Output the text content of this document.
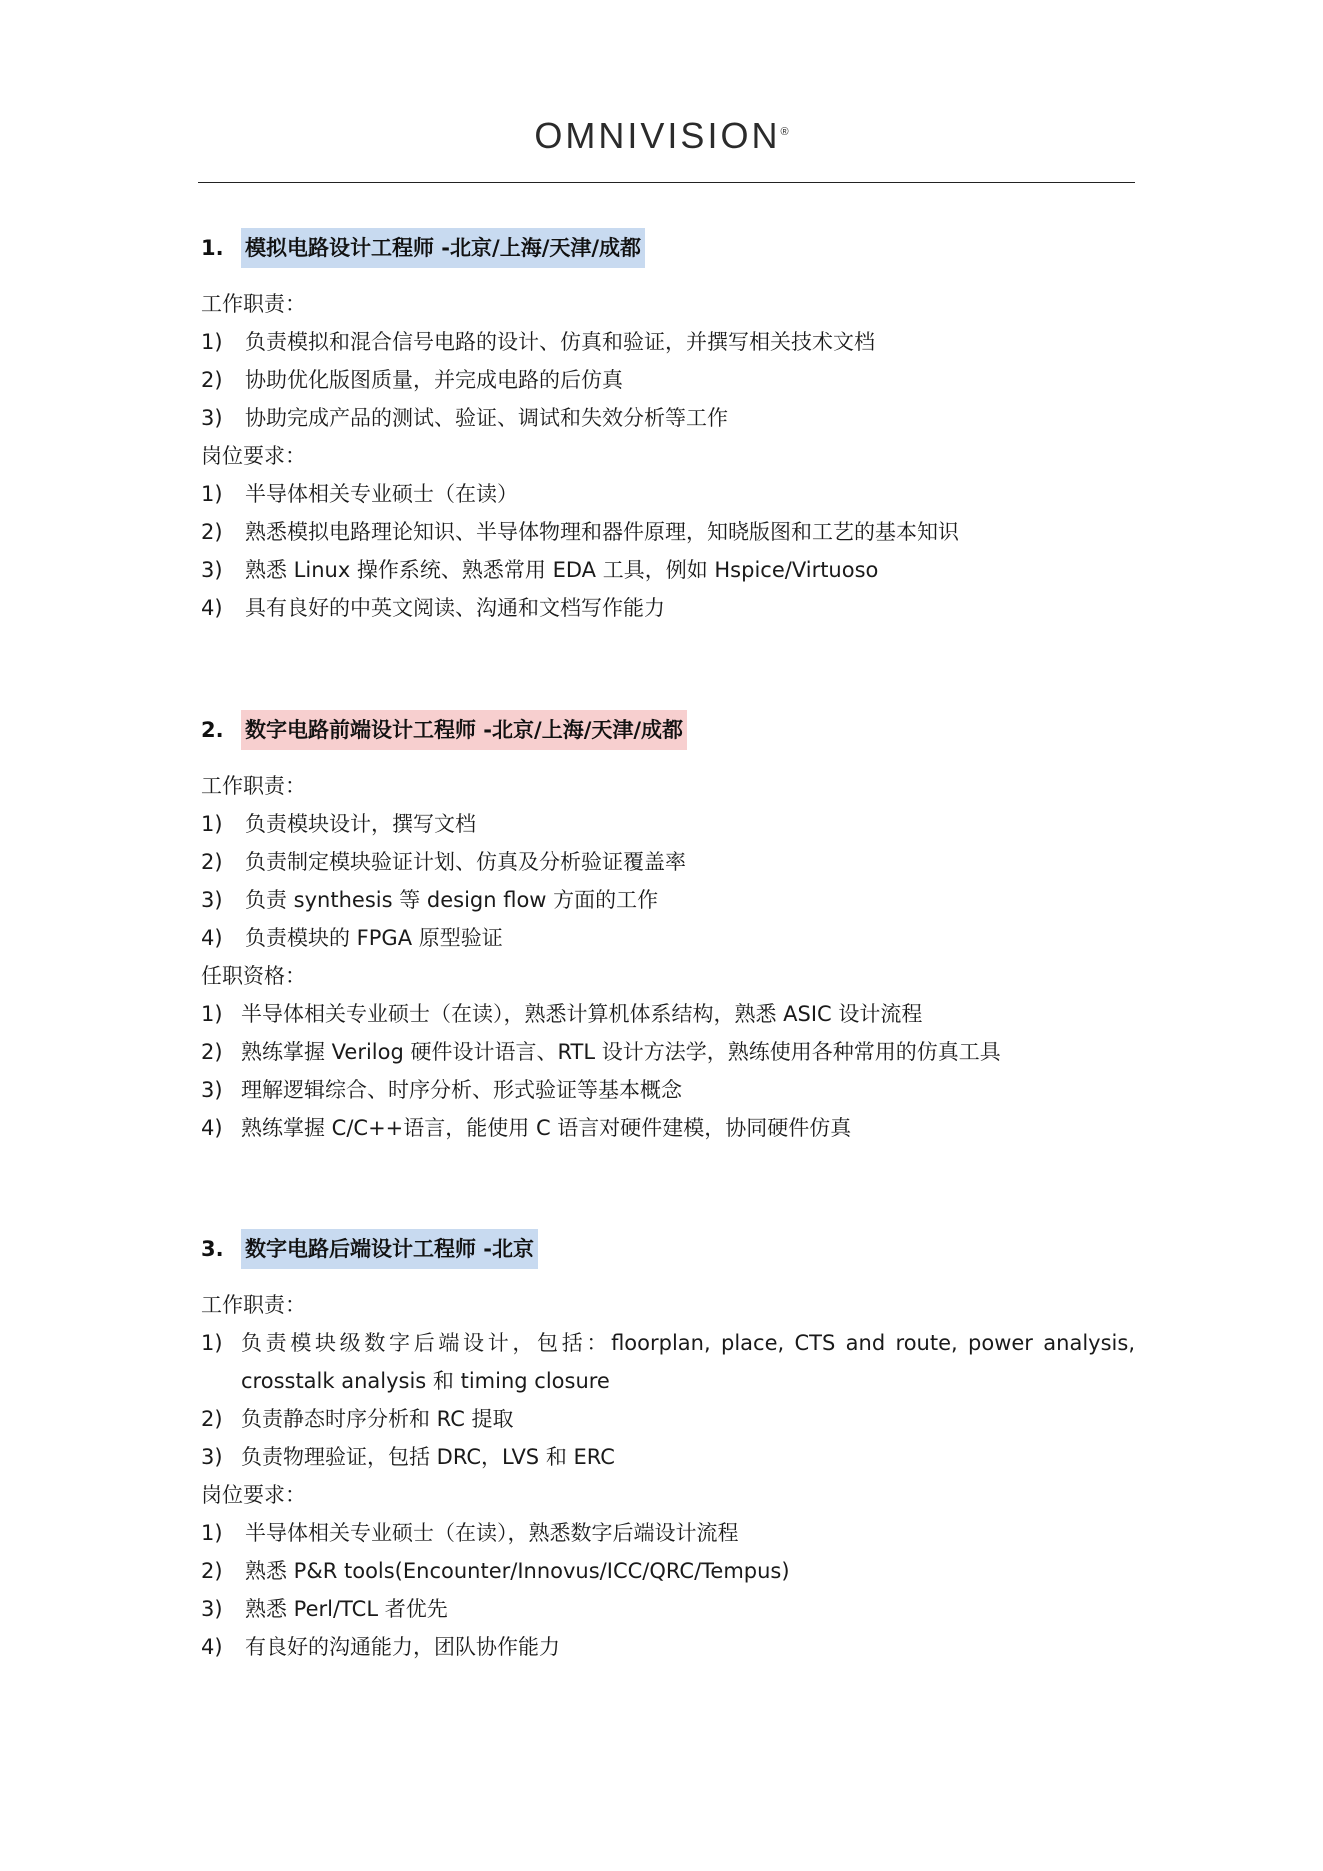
OMNIVISION®
1. 模拟电路设计工程师 -北京/上海/天津/成都
工作职责：
1)	负责模拟和混合信号电路的设计、仿真和验证，并撰写相关技术文档
2)	协助优化版图质量，并完成电路的后仿真
3)	协助完成产品的测试、验证、调试和失效分析等工作
岗位要求：
1)	半导体相关专业硕士（在读）
2)	熟悉模拟电路理论知识、半导体物理和器件原理，知晓版图和工艺的基本知识
3)	熟悉 Linux 操作系统、熟悉常用 EDA 工具，例如 Hspice/Virtuoso
4)	具有良好的中英文阅读、沟通和文档写作能力
2. 数字电路前端设计工程师 -北京/上海/天津/成都
工作职责：
1)	负责模块设计，撰写文档
2)	负责制定模块验证计划、仿真及分析验证覆盖率
3)	负责 synthesis 等 design flow 方面的工作
4)	负责模块的 FPGA 原型验证
任职资格：
1) 半导体相关专业硕士（在读），熟悉计算机体系结构，熟悉 ASIC 设计流程
2) 熟练掌握 Verilog 硬件设计语言、RTL 设计方法学，熟练使用各种常用的仿真工具
3) 理解逻辑综合、时序分析、形式验证等基本概念
4) 熟练掌握 C/C++语言，能使用 C 语言对硬件建模，协同硬件仿真
3. 数字电路后端设计工程师 -北京
工作职责：
1) 负责模块级数字后端设计，包括：floorplan, place, CTS and route, power analysis, crosstalk analysis 和 timing closure
2) 负责静态时序分析和 RC 提取
3) 负责物理验证，包括 DRC，LVS 和 ERC
岗位要求：
1)	半导体相关专业硕士（在读），熟悉数字后端设计流程
2)	熟悉 P&R tools(Encounter/Innovus/ICC/QRC/Tempus)
3)	熟悉 Perl/TCL 者优先
4)	有良好的沟通能力，团队协作能力
